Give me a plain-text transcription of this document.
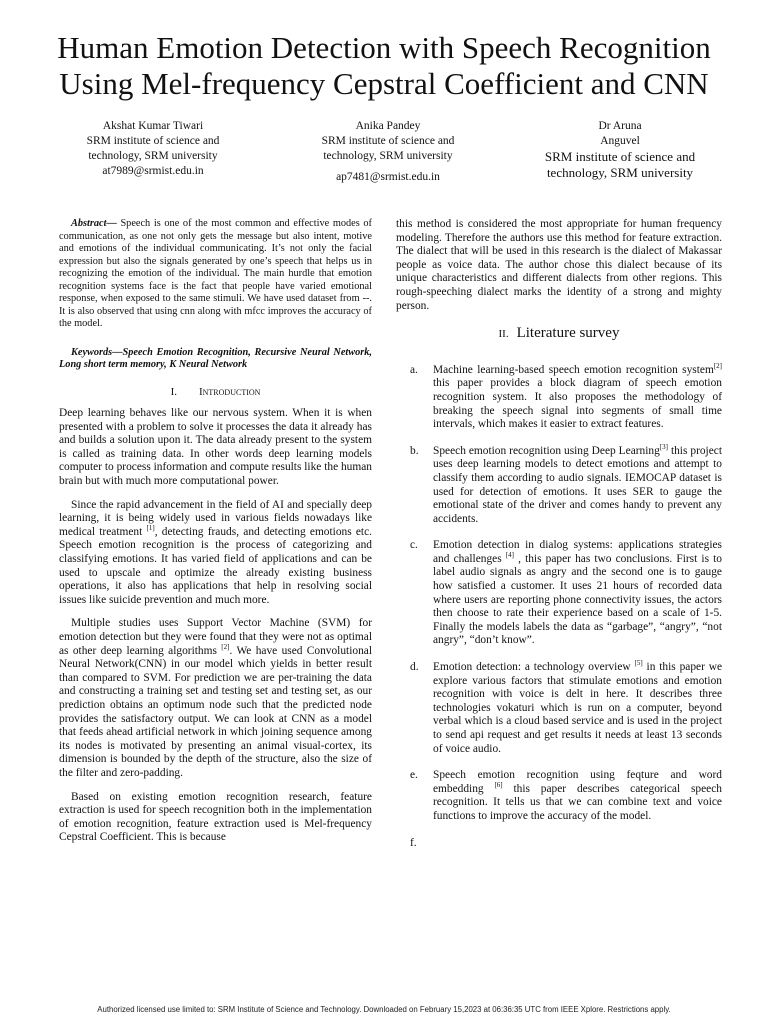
Human Emotion Detection with Speech Recognition
Using Mel-frequency Cepstral Coefficient and CNN
Akshat Kumar Tiwari
SRM institute of science and
technology, SRM university
at7989@srmist.edu.in
Anika Pandey
SRM institute of science and
technology, SRM university
ap7481@srmist.edu.in
Dr Aruna
Anguvel
SRM institute of science and
technology, SRM university

Abstract— Speech is one of the most common and effective modes of communication, as one not only gets the message but also intent, motive and emotions of the individual communicating. It’s not only the facial expression but also the signals generated by one’s speech that helps us in recognizing the emotion of the individual. The main hurdle that emotion recognition systems face is the fact that people have varied emotional response, when exposed to the same stimuli. We have used dataset from --. It is also observed that using cnn along with mfcc improves the accuracy of the model.

Keywords—Speech Emotion Recognition, Recursive Neural Network, Long short term memory, K Neural Network

I. Introduction

Deep learning behaves like our nervous system. When it is when presented with a problem to solve it processes the data it already has and builds a solution upon it. The data already present to the system is called as training data. In other words deep learning models computer to process information and compute results like the human brain but with much more computational power.

Since the rapid advancement in the field of AI and specially deep learning, it is being widely used in various fields nowadays like medical treatment [1], detecting frauds, and detecting emotions etc. Speech emotion recognition is the process of categorizing and classifying emotions. It has varied field of applications and can be used to upscale and optimize the already existing business operations, it also has applications that help in resolving social issues like suicide prevention and much more.

Multiple studies uses Support Vector Machine (SVM) for emotion detection but they were found that they were not as optimal as other deep learning algorithms [2]. We have used Convolutional Neural Network(CNN) in our model which yields in better result than compared to SVM. For prediction we are per-training the data and constructing a training set and testing set and testing set, as our prediction obtains an optimum node such that the predicted node provides the satisfactory output. We can look at CNN as a model that feeds ahead artificial network in which joining sequence among its nodes is motivated by presenting an animal visual-cortex, its dimension is bounded by the depth of the structure, also the size of the filter and zero-padding.

Based on existing emotion recognition research, feature extraction is used for speech recognition both in the implementation of emotion recognition, feature extraction used is Mel-frequency Cepstral Coefficient. This is because

this method is considered the most appropriate for human frequency modeling. Therefore the authors use this method for feature extraction. The dialect that will be used in this research is the dialect of Makassar people as voice data. The author chose this dialect because of its unique characteristics and different dialects from other regions. This rough-speeching dialect marks the identity of a strong and mighty person.

II. Literature survey
a. Machine learning-based speech emotion recognition system[2] this paper provides a block diagram of speech emotion recognition system. It also proposes the methodology of breaking the speech signal into segments of small time intervals, which makes it easier to extract features.
b. Speech emotion recognition using Deep Learning[3] this project uses deep learning models to detect emotions and attempt to classify them according to audio signals. IEMOCAP dataset is used for detection of emotions. It uses SER to gauge the emotional state of the driver and comes handy to prevent any accidents.
c. Emotion detection in dialog systems: applications strategies and challenges [4] , this paper has two conclusions. First is to label audio signals as angry and the second one is to gauge how satisfied a customer. It uses 21 hours of recorded data where users are reporting phone connectivity issues, the actors then choose to rate their experience based on a scale of 1-5. Finally the models labels the data as “garbage”, “angry”, “not angry”, “don’t know”.
d. Emotion detection: a technology overview [5] in this paper we explore various factors that stimulate emotions and emotion recognition with voice is delt in here. It describes three technologies vokaturi which is run on a computer, beyond verbal which is a cloud based service and is used in the project to send api request and get results it needs at least 13 seconds of voice audio.
e. Speech emotion recognition using feqture and word embedding [6] this paper describes categorical speech recognition. It tells us that we can combine text and voice functions to improve the accuracy of the model.
f.

Authorized licensed use limited to: SRM Institute of Science and Technology. Downloaded on February 15,2023 at 06:36:35 UTC from IEEE Xplore. Restrictions apply.
